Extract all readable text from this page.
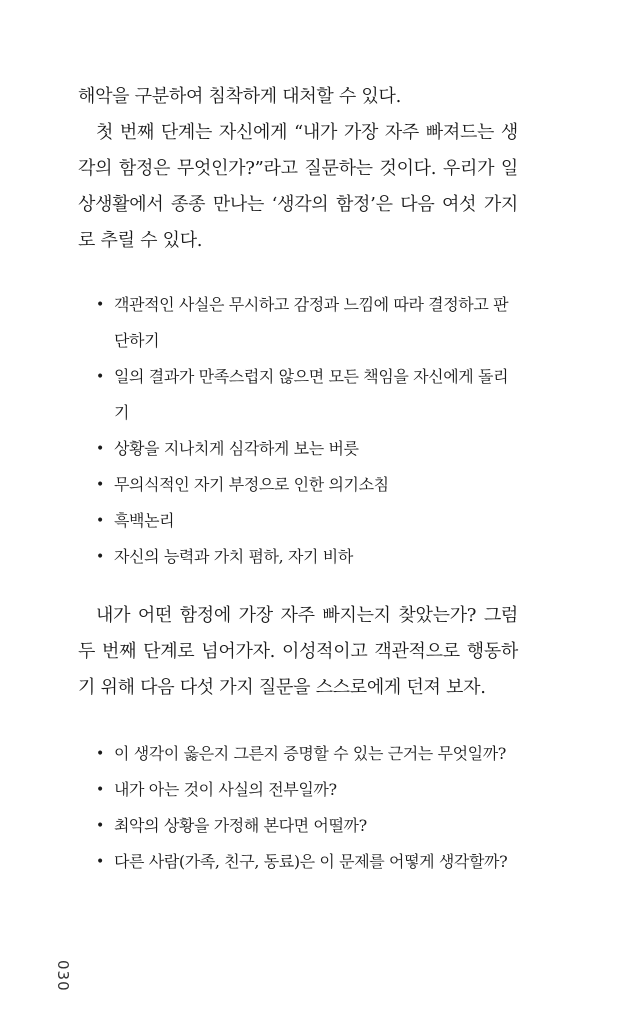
해악을 구분하여 침착하게 대처할 수 있다.

첫 번째 단계는 자신에게 “내가 가장 자주 빠져드는 생각의 함정은 무엇인가?”라고 질문하는 것이다. 우리가 일상생활에서 종종 만나는 ‘생각의 함정’은 다음 여섯 가지로 추릴 수 있다.

• 객관적인 사실은 무시하고 감정과 느낌에 따라 결정하고 판단하기
• 일의 결과가 만족스럽지 않으면 모든 책임을 자신에게 돌리기
• 상황을 지나치게 심각하게 보는 버릇
• 무의식적인 자기 부정으로 인한 의기소침
• 흑백논리
• 자신의 능력과 가치 폄하, 자기 비하

내가 어떤 함정에 가장 자주 빠지는지 찾았는가? 그럼 두 번째 단계로 넘어가자. 이성적이고 객관적으로 행동하기 위해 다음 다섯 가지 질문을 스스로에게 던져 보자.

• 이 생각이 옳은지 그른지 증명할 수 있는 근거는 무엇일까?
• 내가 아는 것이 사실의 전부일까?
• 최악의 상황을 가정해 본다면 어떨까?
• 다른 사람(가족, 친구, 동료)은 이 문제를 어떻게 생각할까?
030
